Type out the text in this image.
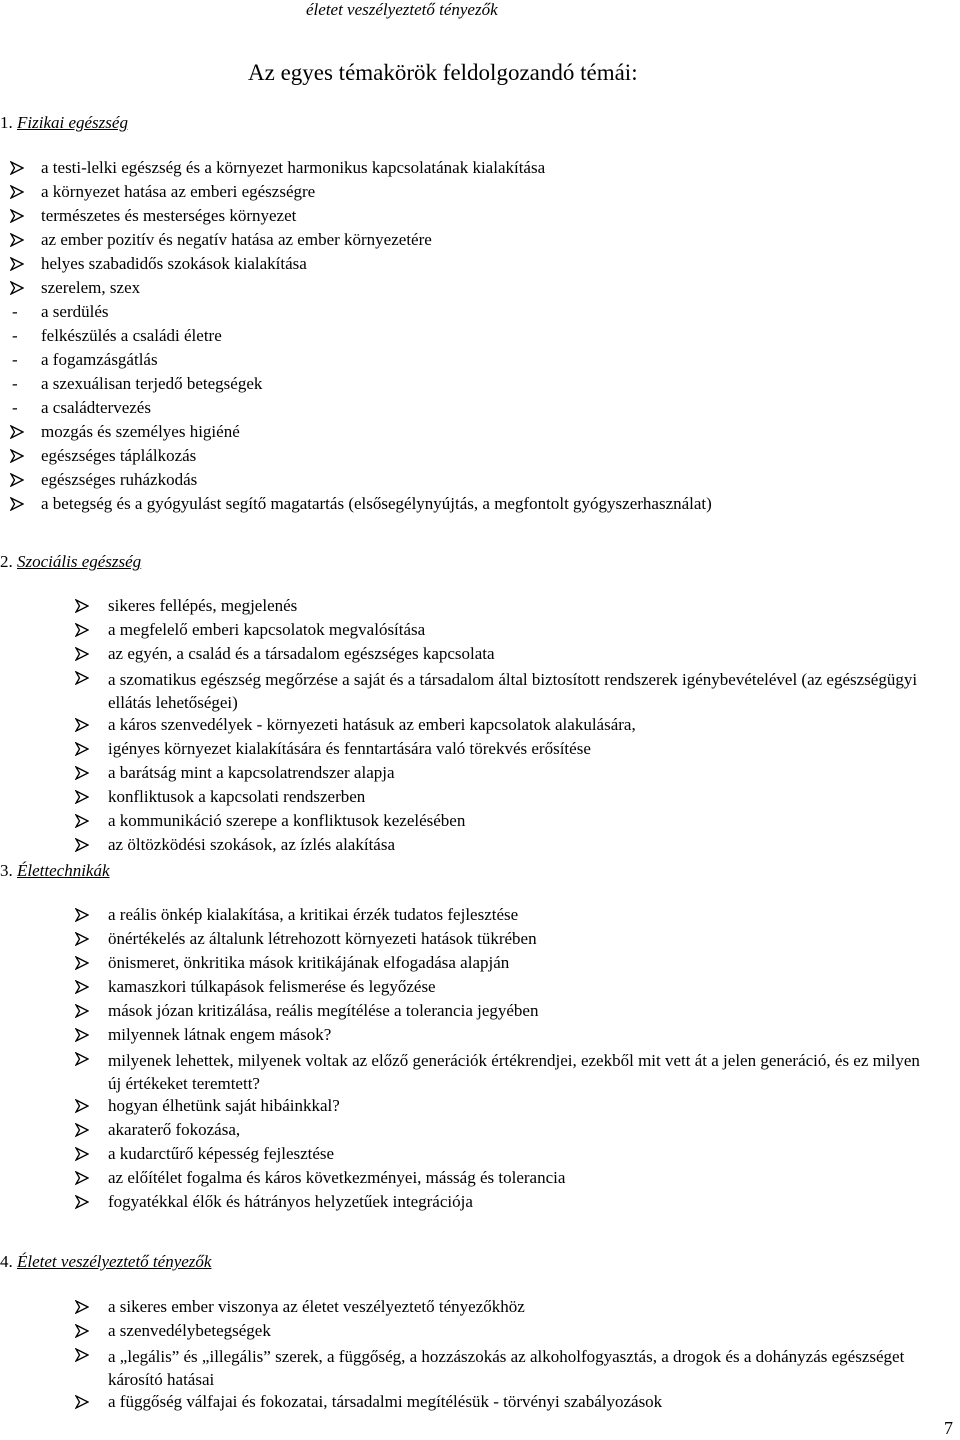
életet veszélyeztető tényezők
Az egyes témakörök feldolgozandó témái:
1. Fizikai egészség
a testi-lelki egészség és a környezet harmonikus kapcsolatának kialakítása
a környezet hatása az emberi egészségre
természetes és mesterséges környezet
az ember pozitív és negatív hatása az ember környezetére
helyes szabadidős szokások kialakítása
szerelem, szex
- a serdülés
- felkészülés a családi életre
- a fogamzásgátlás
- a szexuálisan terjedő betegségek
- a családtervezés
mozgás és személyes higiéné
egészséges táplálkozás
egészséges ruházkodás
a betegség és a gyógyulást segítő magatartás (elsősegélynyújtás, a megfontolt gyógyszerhasználat)
2. Szociális egészség
sikeres fellépés, megjelenés
a megfelelő emberi kapcsolatok megvalósítása
az egyén, a család és a társadalom egészséges kapcsolata
a szomatikus egészség megőrzése a saját és a társadalom által biztosított rendszerek igénybevételével (az egészségügyi ellátás lehetőségei)
a káros szenvedélyek - környezeti hatásuk az emberi kapcsolatok alakulására,
igényes környezet kialakítására és fenntartására való törekvés erősítése
a barátság mint a kapcsolatrendszer alapja
konfliktusok a kapcsolati rendszerben
a kommunikáció szerepe a konfliktusok kezelésében
az öltözködési szokások, az ízlés alakítása
3. Élettechnikák
a reális önkép kialakítása, a kritikai érzék tudatos fejlesztése
önértékelés az általunk létrehozott környezeti hatások tükrében
önismeret, önkritika mások kritikájának elfogadása alapján
kamaszkori túlkapások felismerése és legyőzése
mások józan kritizálása, reális megítélése a tolerancia jegyében
milyennek látnak engem mások?
milyenek lehettek, milyenek voltak az előző generációk értékrendjei, ezekből mit vett át a jelen generáció, és ez milyen új értékeket teremtett?
hogyan élhetünk saját hibáinkkal?
akaraterő fokozása,
a kudarctűrő képesség fejlesztése
az előítélet fogalma és káros következményei, másság és tolerancia
fogyatékkal élők és hátrányos helyzetűek integrációja
4. Életet veszélyeztető tényezők
a sikeres ember viszonya az életet veszélyeztető tényezőkhöz
a szenvedélybetegségek
a „legális” és „illegális” szerek, a függőség, a hozzászokás az alkoholfogyasztás, a drogok és a dohányzás egészséget károsító hatásai
a függőség válfajai és fokozatai, társadalmi megítélésük - törvényi szabályozások
7
